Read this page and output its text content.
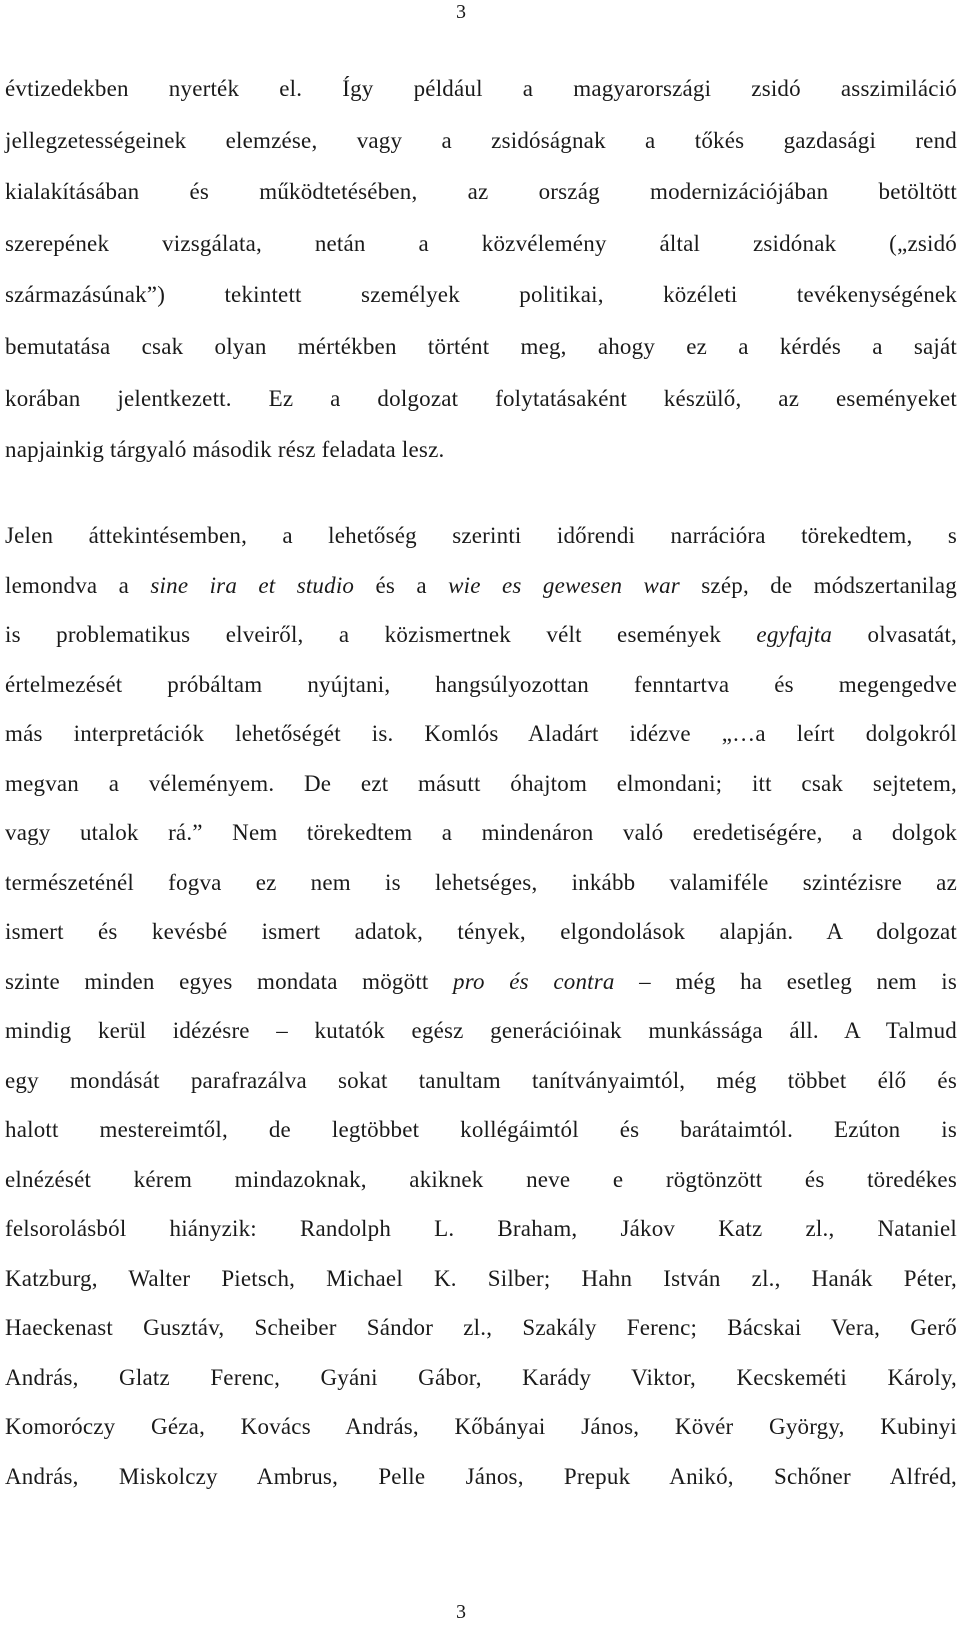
3
évtizedekben nyerték el. Így például a magyarországi zsidó asszimiláció
jellegzetességeinek elemzése, vagy a zsidóságnak a tőkés gazdasági rend
kialakításában és működtetésében, az ország modernizációjában betöltött
szerepének vizsgálata, netán a közvélemény által zsidónak („zsidó
származásúnak”) tekintett személyek politikai, közéleti tevékenységének
bemutatása csak olyan mértékben történt meg, ahogy ez a kérdés a saját
korában jelentkezett. Ez a dolgozat folytatásaként készülő, az eseményeket
napjainkig tárgyaló második rész feladata lesz.
Jelen áttekintésemben, a lehetőség szerinti időrendi narrációra törekedtem, s
lemondva a sine ira et studio és a wie es gewesen war szép, de módszertanilag
is problematikus elveiről, a közismertnek vélt események egyfajta olvasatát,
értelmezését próbáltam nyújtani, hangsúlyozottan fenntartva és megengedve
más interpretációk lehetőségét is. Komlós Aladárt idézve „…a leírt dolgokról
megvan a véleményem. De ezt másutt óhajtom elmondani; itt csak sejtetem,
vagy utalok rá.” Nem törekedtem a mindenáron való eredetiségére, a dolgok
természeténél fogva ez nem is lehetséges, inkább valamiféle szintézisre az
ismert és kevésbé ismert adatok, tények, elgondolások alapján. A dolgozat
szinte minden egyes mondata mögött pro és contra – még ha esetleg nem is
mindig kerül idézésre – kutatók egész generációinak munkássága áll. A Talmud
egy mondását parafrazálva sokat tanultam tanítványaimtól, még többet élő és
halott mestereimtől, de legtöbbet kollégáimtól és barátaimtól. Ezúton is
elnézését kérem mindazoknak, akiknek neve e rögtönzött és töredékes
felsorolásból hiányzik: Randolph L. Braham, Jákov Katz zl., Nataniel
Katzburg, Walter Pietsch, Michael K. Silber; Hahn István zl., Hanák Péter,
Haeckenast Gusztáv, Scheiber Sándor zl., Szakály Ferenc; Bácskai Vera, Gerő
András, Glatz Ferenc, Gyáni Gábor, Karády Viktor, Kecskeméti Károly,
Komoróczy Géza, Kovács András, Kőbányai János, Kövér György, Kubinyi
András, Miskolczy Ambrus, Pelle János, Prepuk Anikó, Schőner Alfréd,
3
